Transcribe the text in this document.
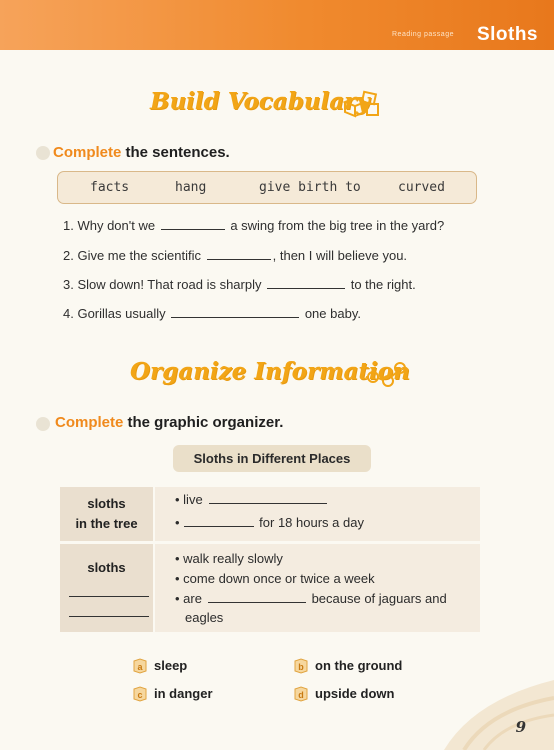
Reading passage Sloths
Build Vocabulary
Complete the sentences.
facts	hang	give birth to	curved
1. Why don't we	a swing from the big tree in the yard?
2. Give me the scientific	, then I will believe you.
3. Slow down! That road is sharply	to the right.
4. Gorillas usually	one baby.
Organize Information
Complete the graphic organizer.
Sloths in Different Places
sloths
in the tree
• live
•	for 18 hours a day
sloths
• walk really slowly
• come down once or twice a week
• are	because of jaguars and
eagles
a sleep	b on the ground
c in danger	d upside down
9
